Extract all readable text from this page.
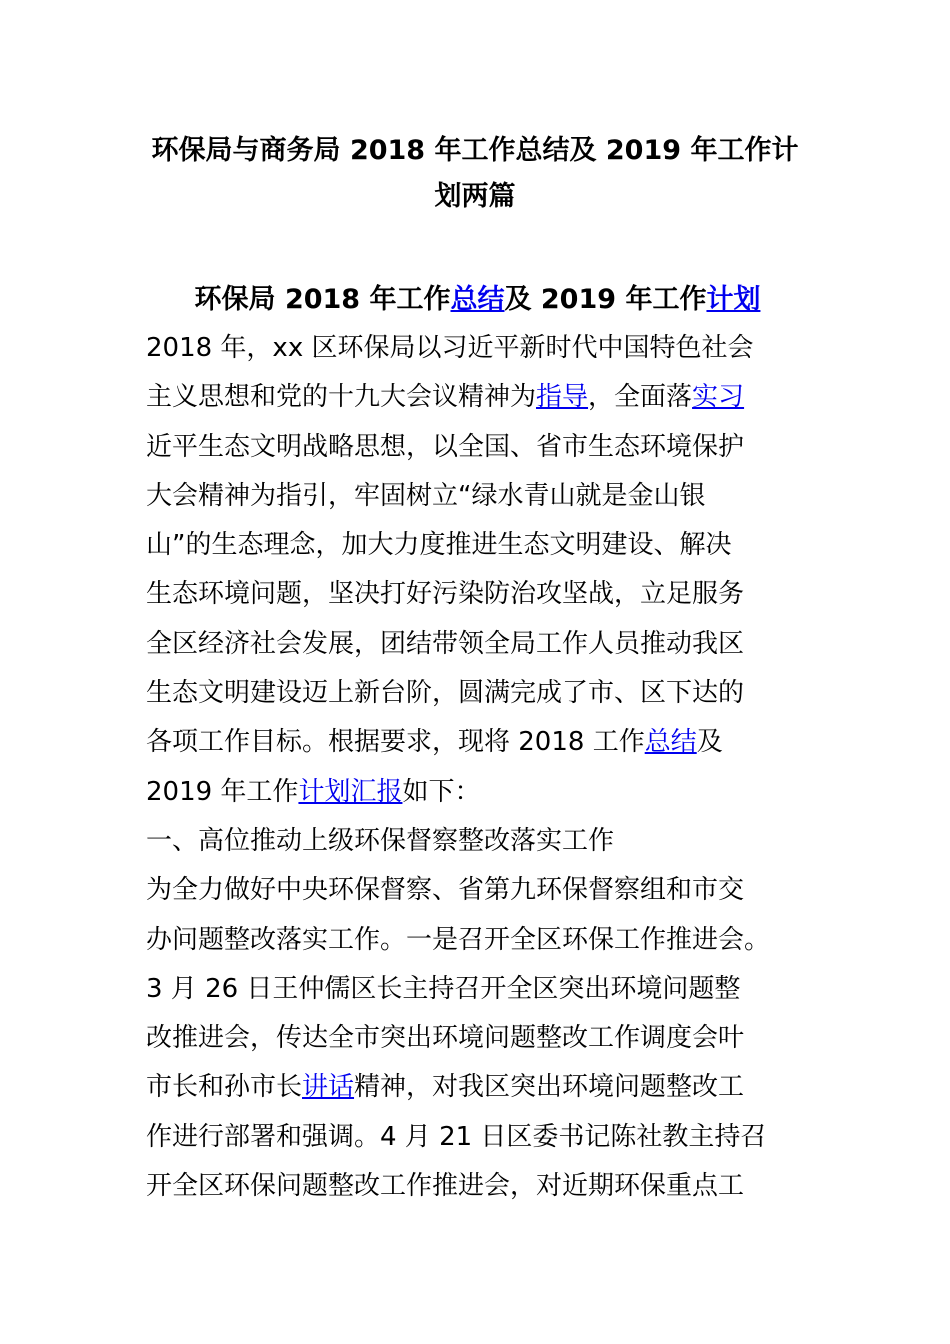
环保局与商务局 2018 年工作总结及 2019 年工作计
划两篇
环保局 2018 年工作总结及 2019 年工作计划
2018 年，xx 区环保局以习近平新时代中国特色社会
主义思想和党的十九大会议精神为指导，全面落实习
近平生态文明战略思想，以全国、省市生态环境保护
大会精神为指引，牢固树立“绿水青山就是金山银
山”的生态理念，加大力度推进生态文明建设、解决
生态环境问题，坚决打好污染防治攻坚战，立足服务
全区经济社会发展，团结带领全局工作人员推动我区
生态文明建设迈上新台阶，圆满完成了市、区下达的
各项工作目标。根据要求，现将 2018 工作总结及
2019 年工作计划汇报如下：
一、高位推动上级环保督察整改落实工作
为全力做好中央环保督察、省第九环保督察组和市交
办问题整改落实工作。一是召开全区环保工作推进会。
3 月 26 日王仲儒区长主持召开全区突出环境问题整
改推进会，传达全市突出环境问题整改工作调度会叶
市长和孙市长讲话精神，对我区突出环境问题整改工
作进行部署和强调。4 月 21 日区委书记陈社教主持召
开全区环保问题整改工作推进会，对近期环保重点工
